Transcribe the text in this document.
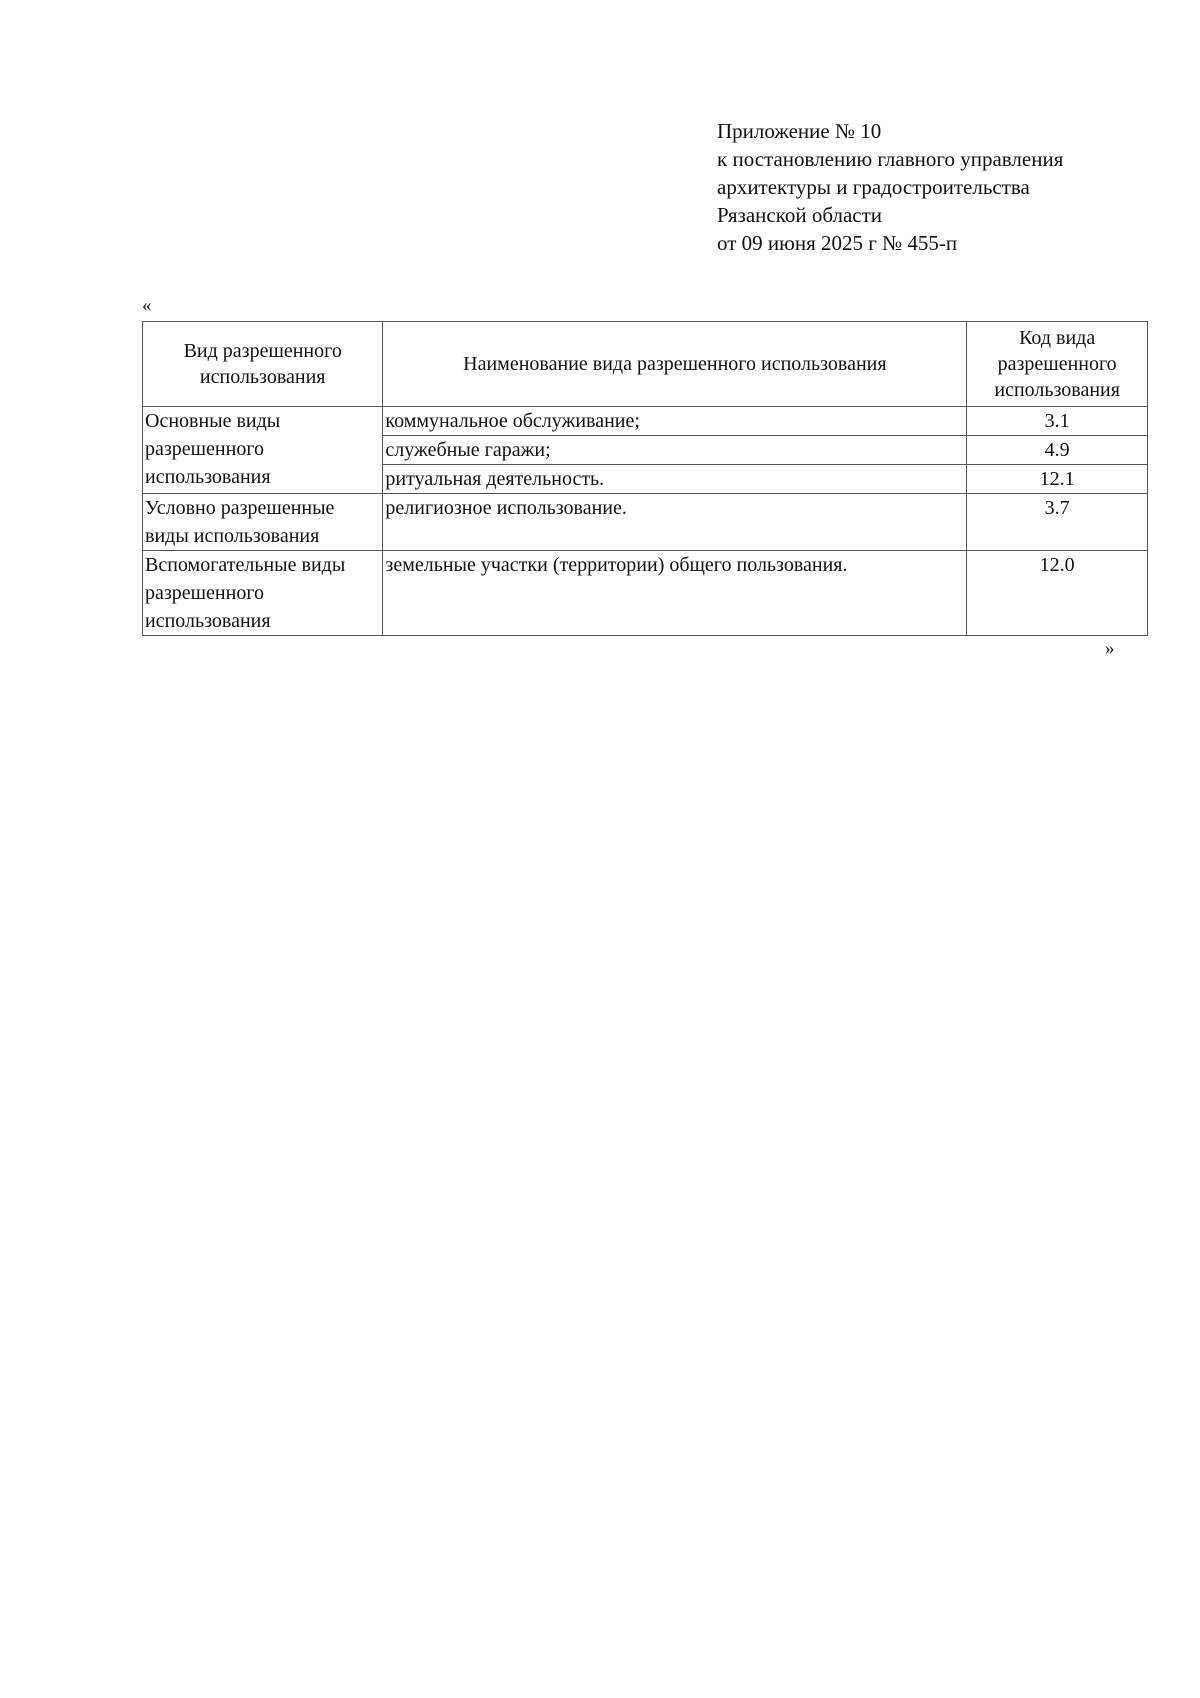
Приложение № 10
к постановлению главного управления
архитектуры и градостроительства
Рязанской области
от 09 июня 2025 г № 455-п
«
Вид разрешенного использования	Наименование вида разрешенного использования	Код вида разрешенного использования
Основные виды разрешенного использования	коммунальное обслуживание;	3.1
	служебные гаражи;	4.9
	ритуальная деятельность.	12.1
Условно разрешенные виды использования	религиозное использование.	3.7
Вспомогательные виды разрешенного использования	земельные участки (территории) общего пользования.	12.0
»
